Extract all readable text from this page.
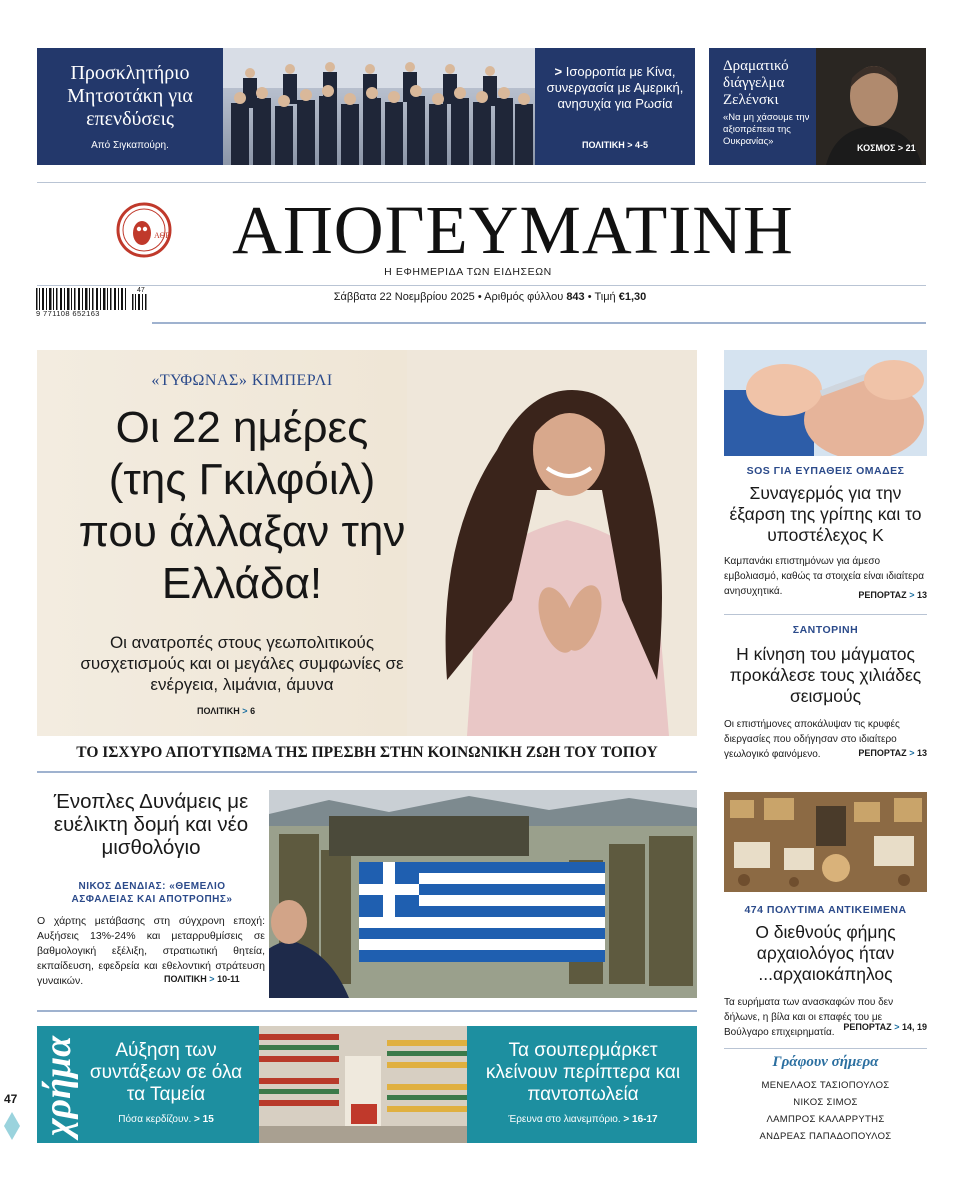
Προσκλητήριο Μητσοτάκη για επενδύσεις
Από Σιγκαπούρη.
> Ισορροπία με Κίνα, συνεργασία με Αμερική, ανησυχία για Ρωσία
ΠΟΛΙΤΙΚΗ > 4-5
Δραματικό διάγγελμα Ζελένσκι
«Να μη χάσουμε την αξιοπρέπεια της Ουκρανίας»
ΚΟΣΜΟΣ > 21
ΑΘΕ ΑΠΟΓΕΥΜΑΤΙΝΗ
Η ΕΦΗΜΕΡΙΔΑ ΤΩΝ ΕΙΔΗΣΕΩΝ
9 771108 652163
47
Σάββατα 22 Νοεμβρίου 2025 • Αριθμός φύλλου 843 • Τιμή €1,30
«ΤΥΦΩΝΑΣ» ΚΙΜΠΕΡΛΙ
Οι 22 ημέρες (της Γκιλφόιλ) που άλλαξαν την Ελλάδα!
Οι ανατροπές στους γεωπολιτικούς συσχετισμούς και οι μεγάλες συμφωνίες σε ενέργεια, λιμάνια, άμυνα
ΠΟΛΙΤΙΚΗ > 6
ΤΟ ΙΣΧΥΡΟ ΑΠΟΤΥΠΩΜΑ ΤΗΣ ΠΡΕΣΒΗ ΣΤΗΝ ΚΟΙΝΩΝΙΚΗ ΖΩΗ ΤΟΥ ΤΟΠΟΥ
Ένοπλες Δυνάμεις με ευέλικτη δομή και νέο μισθολόγιο
ΝΙΚΟΣ ΔΕΝΔΙΑΣ: «ΘΕΜΕΛΙΟ ΑΣΦΑΛΕΙΑΣ ΚΑΙ ΑΠΟΤΡΟΠΗΣ»
Ο χάρτης μετάβασης στη σύγχρονη εποχή: Αυξήσεις 13%-24% και μεταρρυθμίσεις σε βαθμολογική εξέλιξη, στρατιωτική θητεία, εκπαίδευση, εφεδρεία και εθελοντική στράτευση γυναικών.	ΠΟΛΙΤΙΚΗ > 10-11
χρήμα	Αύξηση των συντάξεων σε όλα τα Ταμεία
Πόσα κερδίζουν. > 15
Τα σουπερμάρκετ κλείνουν περίπτερα και παντοπωλεία
Έρευνα στο λιανεμπόριο. > 16-17
47
SOS ΓΙΑ ΕΥΠΑΘΕΙΣ ΟΜΑΔΕΣ
Συναγερμός για την έξαρση της γρίπης και το υποστέλεχος Κ
Καμπανάκι επιστημόνων για άμεσο εμβολιασμό, καθώς τα στοιχεία είναι ιδιαίτερα ανησυχητικά.	ΡΕΠΟΡΤΑΖ > 13
ΣΑΝΤΟΡΙΝΗ
Η κίνηση του μάγματος προκάλεσε τους χιλιάδες σεισμούς
Οι επιστήμονες αποκάλυψαν τις κρυφές διεργασίες που οδήγησαν στο ιδιαίτερο γεωλογικό φαινόμενο.	ΡΕΠΟΡΤΑΖ > 13
474 ΠΟΛΥΤΙΜΑ ΑΝΤΙΚΕΙΜΕΝΑ
Ο διεθνούς φήμης αρχαιολόγος ήταν ...αρχαιοκάπηλος
Τα ευρήματα των ανασκαφών που δεν δήλωνε, η βίλα και οι επαφές του με Βούλγαρο επιχειρηματία. ΡΕΠΟΡΤΑΖ > 14, 19
Γράφουν σήμερα
ΜΕΝΕΛΑΟΣ ΤΑΣΙΟΠΟΥΛΟΣ
ΝΙΚΟΣ ΣΙΜΟΣ
ΛΑΜΠΡΟΣ ΚΑΛΑΡΡΥΤΗΣ
ΑΝΔΡΕΑΣ ΠΑΠΑΔΟΠΟΥΛΟΣ
